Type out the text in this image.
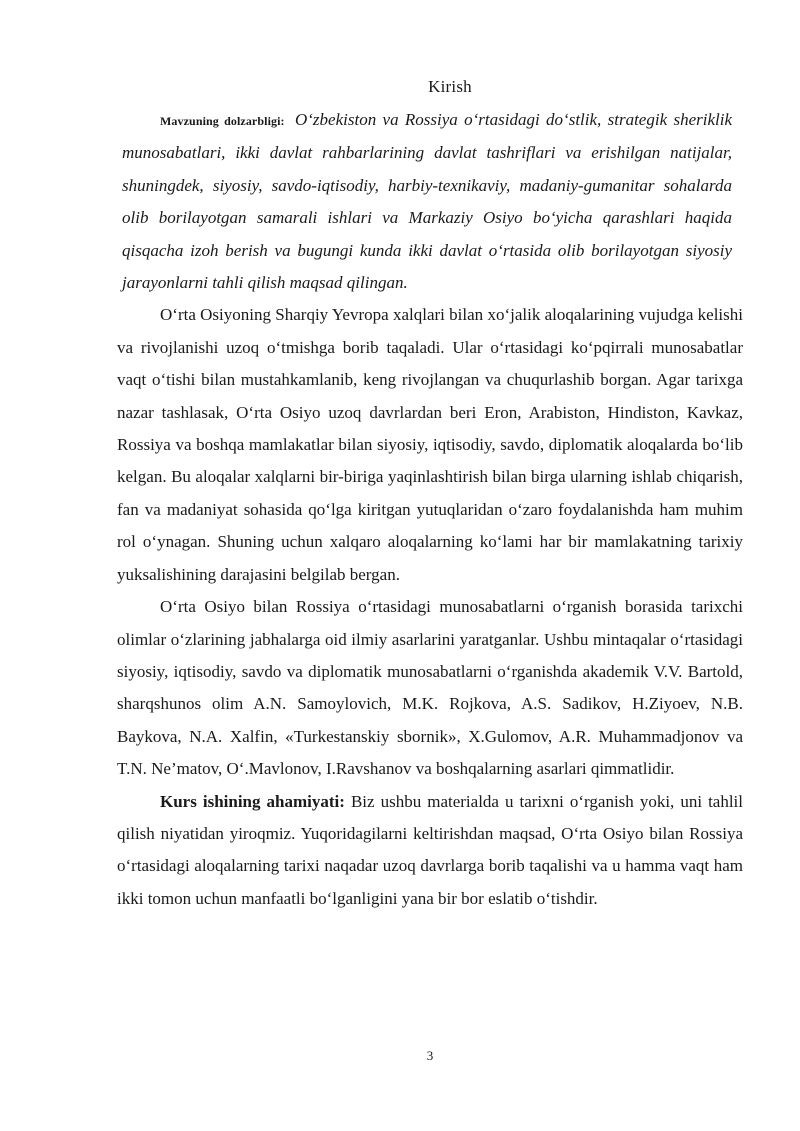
Kirish

Mavzuning dolzarbligi: O‘zbekiston va Rossiya o‘rtasidagi do‘stlik, strategik sheriklik munosabatlari, ikki davlat rahbarlarining davlat tashriflari va erishilgan natijalar, shuningdek, siyosiy, savdo-iqtisodiy, harbiy-texnikaviy, madaniy-gumanitar sohalarda olib borilayotgan samarali ishlari va Markaziy Osiyo bo‘yicha qarashlari haqida qisqacha izoh berish va bugungi kunda ikki davlat o‘rtasida olib borilayotgan siyosiy jarayonlarni tahli qilish maqsad qilingan.

O‘rta Osiyoning Sharqiy Yevropa xalqlari bilan xo‘jalik aloqalarining vujudga kelishi va rivojlanishi uzoq o‘tmishga borib taqaladi. Ular o‘rtasidagi ko‘pqirrali munosabatlar vaqt o‘tishi bilan mustahkamlanib, keng rivojlangan va chuqurlashib borgan. Agar tarixga nazar tashlasak, O‘rta Osiyo uzoq davrlardan beri Eron, Arabiston, Hindiston, Kavkaz, Rossiya va boshqa mamlakatlar bilan siyosiy, iqtisodiy, savdo, diplomatik aloqalarda bo‘lib kelgan. Bu aloqalar xalqlarni bir-biriga yaqinlashtirish bilan birga ularning ishlab chiqarish, fan va madaniyat sohasida qo‘lga kiritgan yutuqlaridan o‘zaro foydalanishda ham muhim rol o‘ynagan. Shuning uchun xalqaro aloqalarning ko‘lami har bir mamlakatning tarixiy yuksalishining darajasini belgilab bergan.

O‘rta Osiyo bilan Rossiya o‘rtasidagi munosabatlarni o‘rganish borasida tarixchi olimlar o‘zlarining jabhalarga oid ilmiy asarlarini yaratganlar. Ushbu mintaqalar o‘rtasidagi siyosiy, iqtisodiy, savdo va diplomatik munosabatlarni o‘rganishda akademik V.V. Bartold, sharqshunos olim A.N. Samoylovich, M.K. Rojkova, A.S. Sadikov, H.Ziyoev, N.B. Baykova, N.A. Xalfin, «Turkestanskiy sbornik», X.Gulomov, A.R. Muhammadjonov va T.N. Ne’matov, O‘.Mavlonov, I.Ravshanov va boshqalarning asarlari qimmatlidir.

Kurs ishining ahamiyati: Biz ushbu materialda u tarixni o‘rganish yoki, uni tahlil qilish niyatidan yiroqmiz. Yuqoridagilarni keltirishdan maqsad, O‘rta Osiyo bilan Rossiya o‘rtasidagi aloqalarning tarixi naqadar uzoq davrlarga borib taqalishi va u hamma vaqt ham ikki tomon uchun manfaatli bo‘lganligini yana bir bor eslatib o‘tishdir.

3
